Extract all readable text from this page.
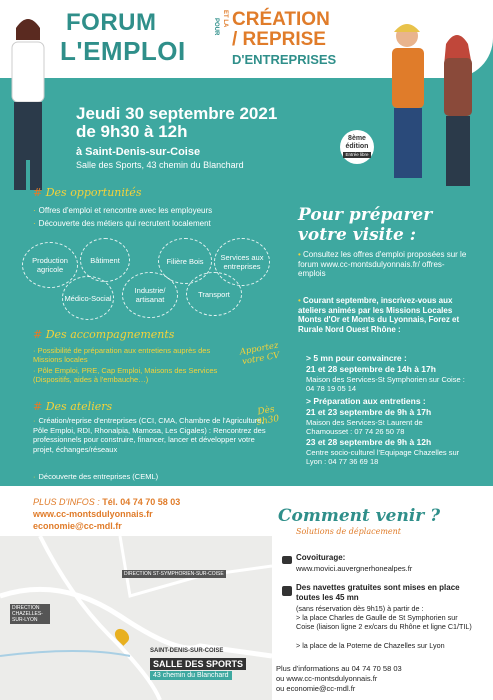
FORUM
L'EMPLOI
POUR ET LA CRÉATION
/ REPRISE
D'ENTREPRISES
8ème
édition
Entrée libre
Jeudi 30 septembre 2021
de 9h30 à 12h
à Saint-Denis-sur-Coise
Salle des Sports, 43 chemin du Blanchard
# Des opportunités
· Offres d'emploi et rencontre avec les employeurs
· Découverte des métiers qui recrutent localement
Production agricole
Bâtiment	Filière Bois	Services aux entreprises
Médico-Social
Industrie/ artisanat
Transport
# Des accompagnements
· Possibilité de préparation aux entretiens auprès des Missions locales
· Pôle Emploi, PRE, Cap Emploi, Maisons des Services (Dispositifs, aides à l'embauche…)
Apportez votre CV
# Des ateliers
· Création/reprise d'entreprises (CCI, CMA, Chambre de l'Agriculture, Pôle Emploi, RDI, Rhonalpia, Mamosa, Les Cigales) : Rencontrez des professionnels pour construire, financer, lancer et développer votre projet, échanges/réseaux
· Découverte des entreprises (CEML)
Dès 9h30
PLUS D'INFOS : Tél. 04 74 70 58 03
www.cc-montsdulyonnais.fr
economie@cc-mdl.fr
DIRECTION ST-SYMPHORIEN-SUR-COISE
DIRECTION CHAZELLES-SUR-LYON
SAINT-DENIS-SUR-COISE
SALLE DES SPORTS
43 chemin du Blanchard
Pour préparer
votre visite :
• Consultez les offres d'emploi proposées sur le forum www.cc-montsdulyonnais.fr/ offres-emplois
• Courant septembre, inscrivez-vous aux ateliers animés par les Missions Locales Monts d'Or et Monts du Lyonnais, Forez et Rurale Nord Ouest Rhône :
> 5 mn pour convaincre :
21 et 28 septembre de 14h à 17h
Maison des Services-St Symphorien sur Coise : 04 78 19 05 14
> Préparation aux entretiens :
21 et 23 septembre de 9h à 17h
Maison des Services-St Laurent de Chamousset : 07 74 26 50 78
23 et 28 septembre de 9h à 12h
Centre socio-culturel l'Equipage Chazelles sur Lyon : 04 77 36 69 18
Comment venir ?
Solutions de déplacement
Covoiturage:
www.movici.auvergnerhonealpes.fr
Des navettes gratuites sont mises en place toutes les 45 mn
(sans réservation dès 9h15) à partir de :
> la place Charles de Gaulle de St Symphorien sur Coise (liaison ligne 2 ex/cars du Rhône et ligne C1/TIL)
> la place de la Poterne de Chazelles sur Lyon
Plus d'informations au 04 74 70 58 03
ou www.cc-montsdulyonnais.fr
ou economie@cc-mdl.fr
